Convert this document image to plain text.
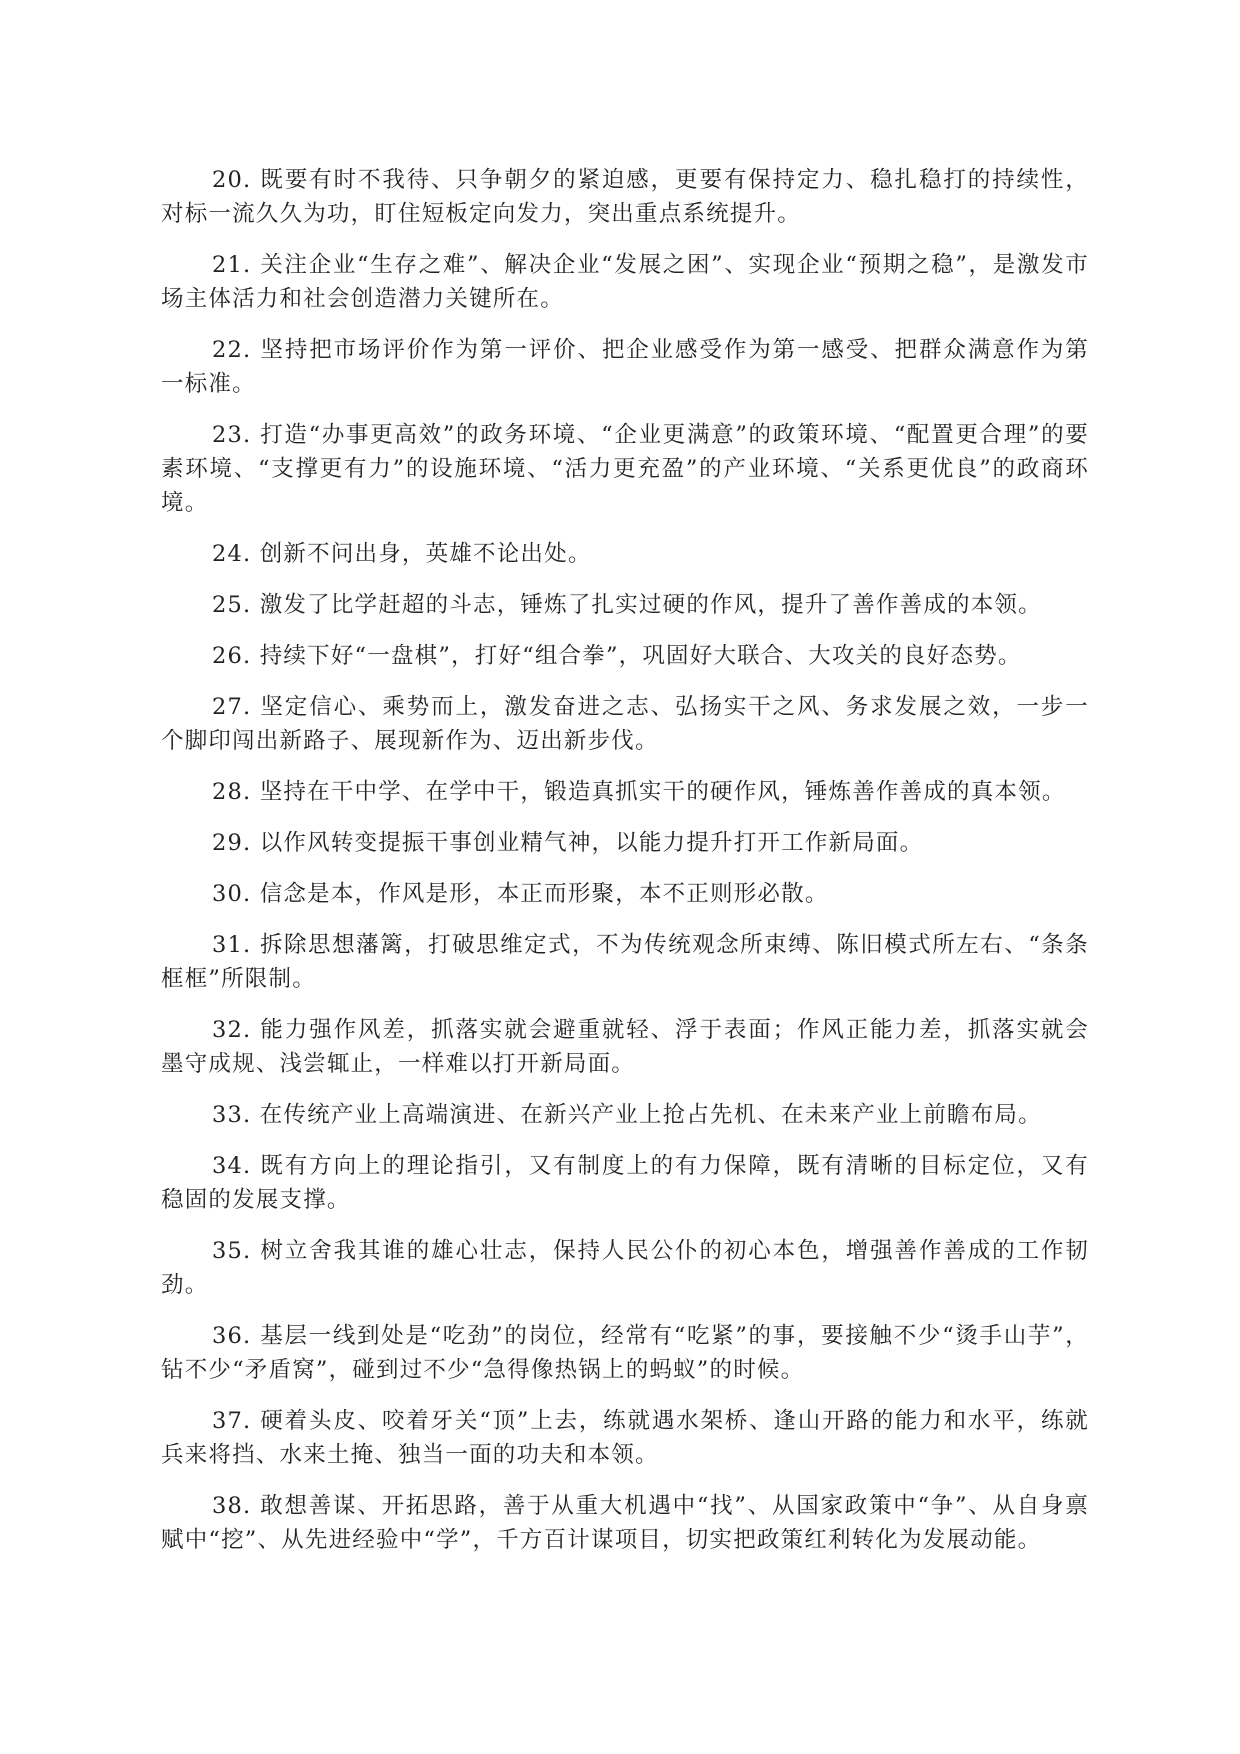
20. 既要有时不我待、只争朝夕的紧迫感，更要有保持定力、稳扎稳打的持续性，对标一流久久为功，盯住短板定向发力，突出重点系统提升。

21. 关注企业“生存之难”、解决企业“发展之困”、实现企业“预期之稳”，是激发市场主体活力和社会创造潜力关键所在。

22. 坚持把市场评价作为第一评价、把企业感受作为第一感受、把群众满意作为第一标准。

23. 打造“办事更高效”的政务环境、“企业更满意”的政策环境、“配置更合理”的要素环境、“支撑更有力”的设施环境、“活力更充盈”的产业环境、“关系更优良”的政商环境。

24. 创新不问出身，英雄不论出处。

25. 激发了比学赶超的斗志，锤炼了扎实过硬的作风，提升了善作善成的本领。

26. 持续下好“一盘棋”，打好“组合拳”，巩固好大联合、大攻关的良好态势。

27. 坚定信心、乘势而上，激发奋进之志、弘扬实干之风、务求发展之效，一步一个脚印闯出新路子、展现新作为、迈出新步伐。

28. 坚持在干中学、在学中干，锻造真抓实干的硬作风，锤炼善作善成的真本领。

29. 以作风转变提振干事创业精气神，以能力提升打开工作新局面。

30. 信念是本，作风是形，本正而形聚，本不正则形必散。

31. 拆除思想藩篱，打破思维定式，不为传统观念所束缚、陈旧模式所左右、“条条框框”所限制。

32. 能力强作风差，抓落实就会避重就轻、浮于表面；作风正能力差，抓落实就会墨守成规、浅尝辄止，一样难以打开新局面。

33. 在传统产业上高端演进、在新兴产业上抢占先机、在未来产业上前瞻布局。

34. 既有方向上的理论指引，又有制度上的有力保障，既有清晰的目标定位，又有稳固的发展支撑。

35. 树立舍我其谁的雄心壮志，保持人民公仆的初心本色，增强善作善成的工作韧劲。

36. 基层一线到处是“吃劲”的岗位，经常有“吃紧”的事，要接触不少“烫手山芋”，钻不少“矛盾窝”，碰到过不少“急得像热锅上的蚂蚁”的时候。

37. 硬着头皮、咬着牙关“顶”上去，练就遇水架桥、逢山开路的能力和水平，练就兵来将挡、水来土掩、独当一面的功夫和本领。

38. 敢想善谋、开拓思路，善于从重大机遇中“找”、从国家政策中“争”、从自身禀赋中“挖”、从先进经验中“学”，千方百计谋项目，切实把政策红利转化为发展动能。
